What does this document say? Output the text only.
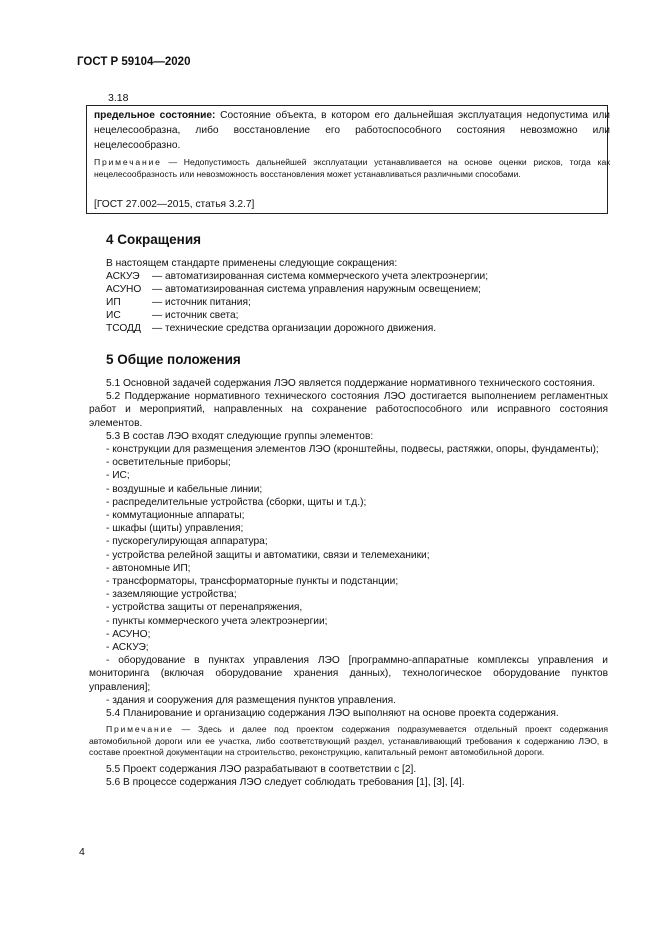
ГОСТ Р 59104—2020
3.18
предельное состояние: Состояние объекта, в котором его дальнейшая эксплуатация недопустима или нецелесообразна, либо восстановление его работоспособного состояния невозможно или нецелесообразно.
Примечание — Недопустимость дальнейшей эксплуатации устанавливается на основе оценки рисков, тогда как нецелесообразность или невозможность восстановления может устанавливаться различными способами.
[ГОСТ 27.002—2015, статья 3.2.7]
4 Сокращения
В настоящем стандарте применены следующие сокращения:
АСКУЭ — автоматизированная система коммерческого учета электроэнергии;
АСУНО — автоматизированная система управления наружным освещением;
ИП	— источник питания;
ИС	— источник света;
ТСОДД — технические средства организации дорожного движения.
5 Общие положения
5.1 Основной задачей содержания ЛЭО является поддержание нормативного технического состояния.
5.2 Поддержание нормативного технического состояния ЛЭО достигается выполнением регламентных работ и мероприятий, направленных на сохранение работоспособного или исправного состояния элементов.
5.3 В состав ЛЭО входят следующие группы элементов:
- конструкции для размещения элементов ЛЭО (кронштейны, подвесы, растяжки, опоры, фундаменты);
- осветительные приборы;
- ИС;
- воздушные и кабельные линии;
- распределительные устройства (сборки, щиты и т.д.);
- коммутационные аппараты;
- шкафы (щиты) управления;
- пускорегулирующая аппаратура;
- устройства релейной защиты и автоматики, связи и телемеханики;
- автономные ИП;
- трансформаторы, трансформаторные пункты и подстанции;
- заземляющие устройства;
- устройства защиты от перенапряжения,
- пункты коммерческого учета электроэнергии;
- АСУНО;
- АСКУЭ;
- оборудование в пунктах управления ЛЭО [программно-аппаратные комплексы управления и мониторинга (включая оборудование хранения данных), технологическое оборудование пунктов управления];
- здания и сооружения для размещения пунктов управления.
5.4 Планирование и организацию содержания ЛЭО выполняют на основе проекта содержания.
Примечание — Здесь и далее под проектом содержания подразумевается отдельный проект содержания автомобильной дороги или ее участка, либо соответствующий раздел, устанавливающий требования к содержанию ЛЭО, в составе проектной документации на строительство, реконструкцию, капитальный ремонт автомобильной дороги.
5.5 Проект содержания ЛЭО разрабатывают в соответствии с [2].
5.6 В процессе содержания ЛЭО следует соблюдать требования [1], [3], [4].
4
